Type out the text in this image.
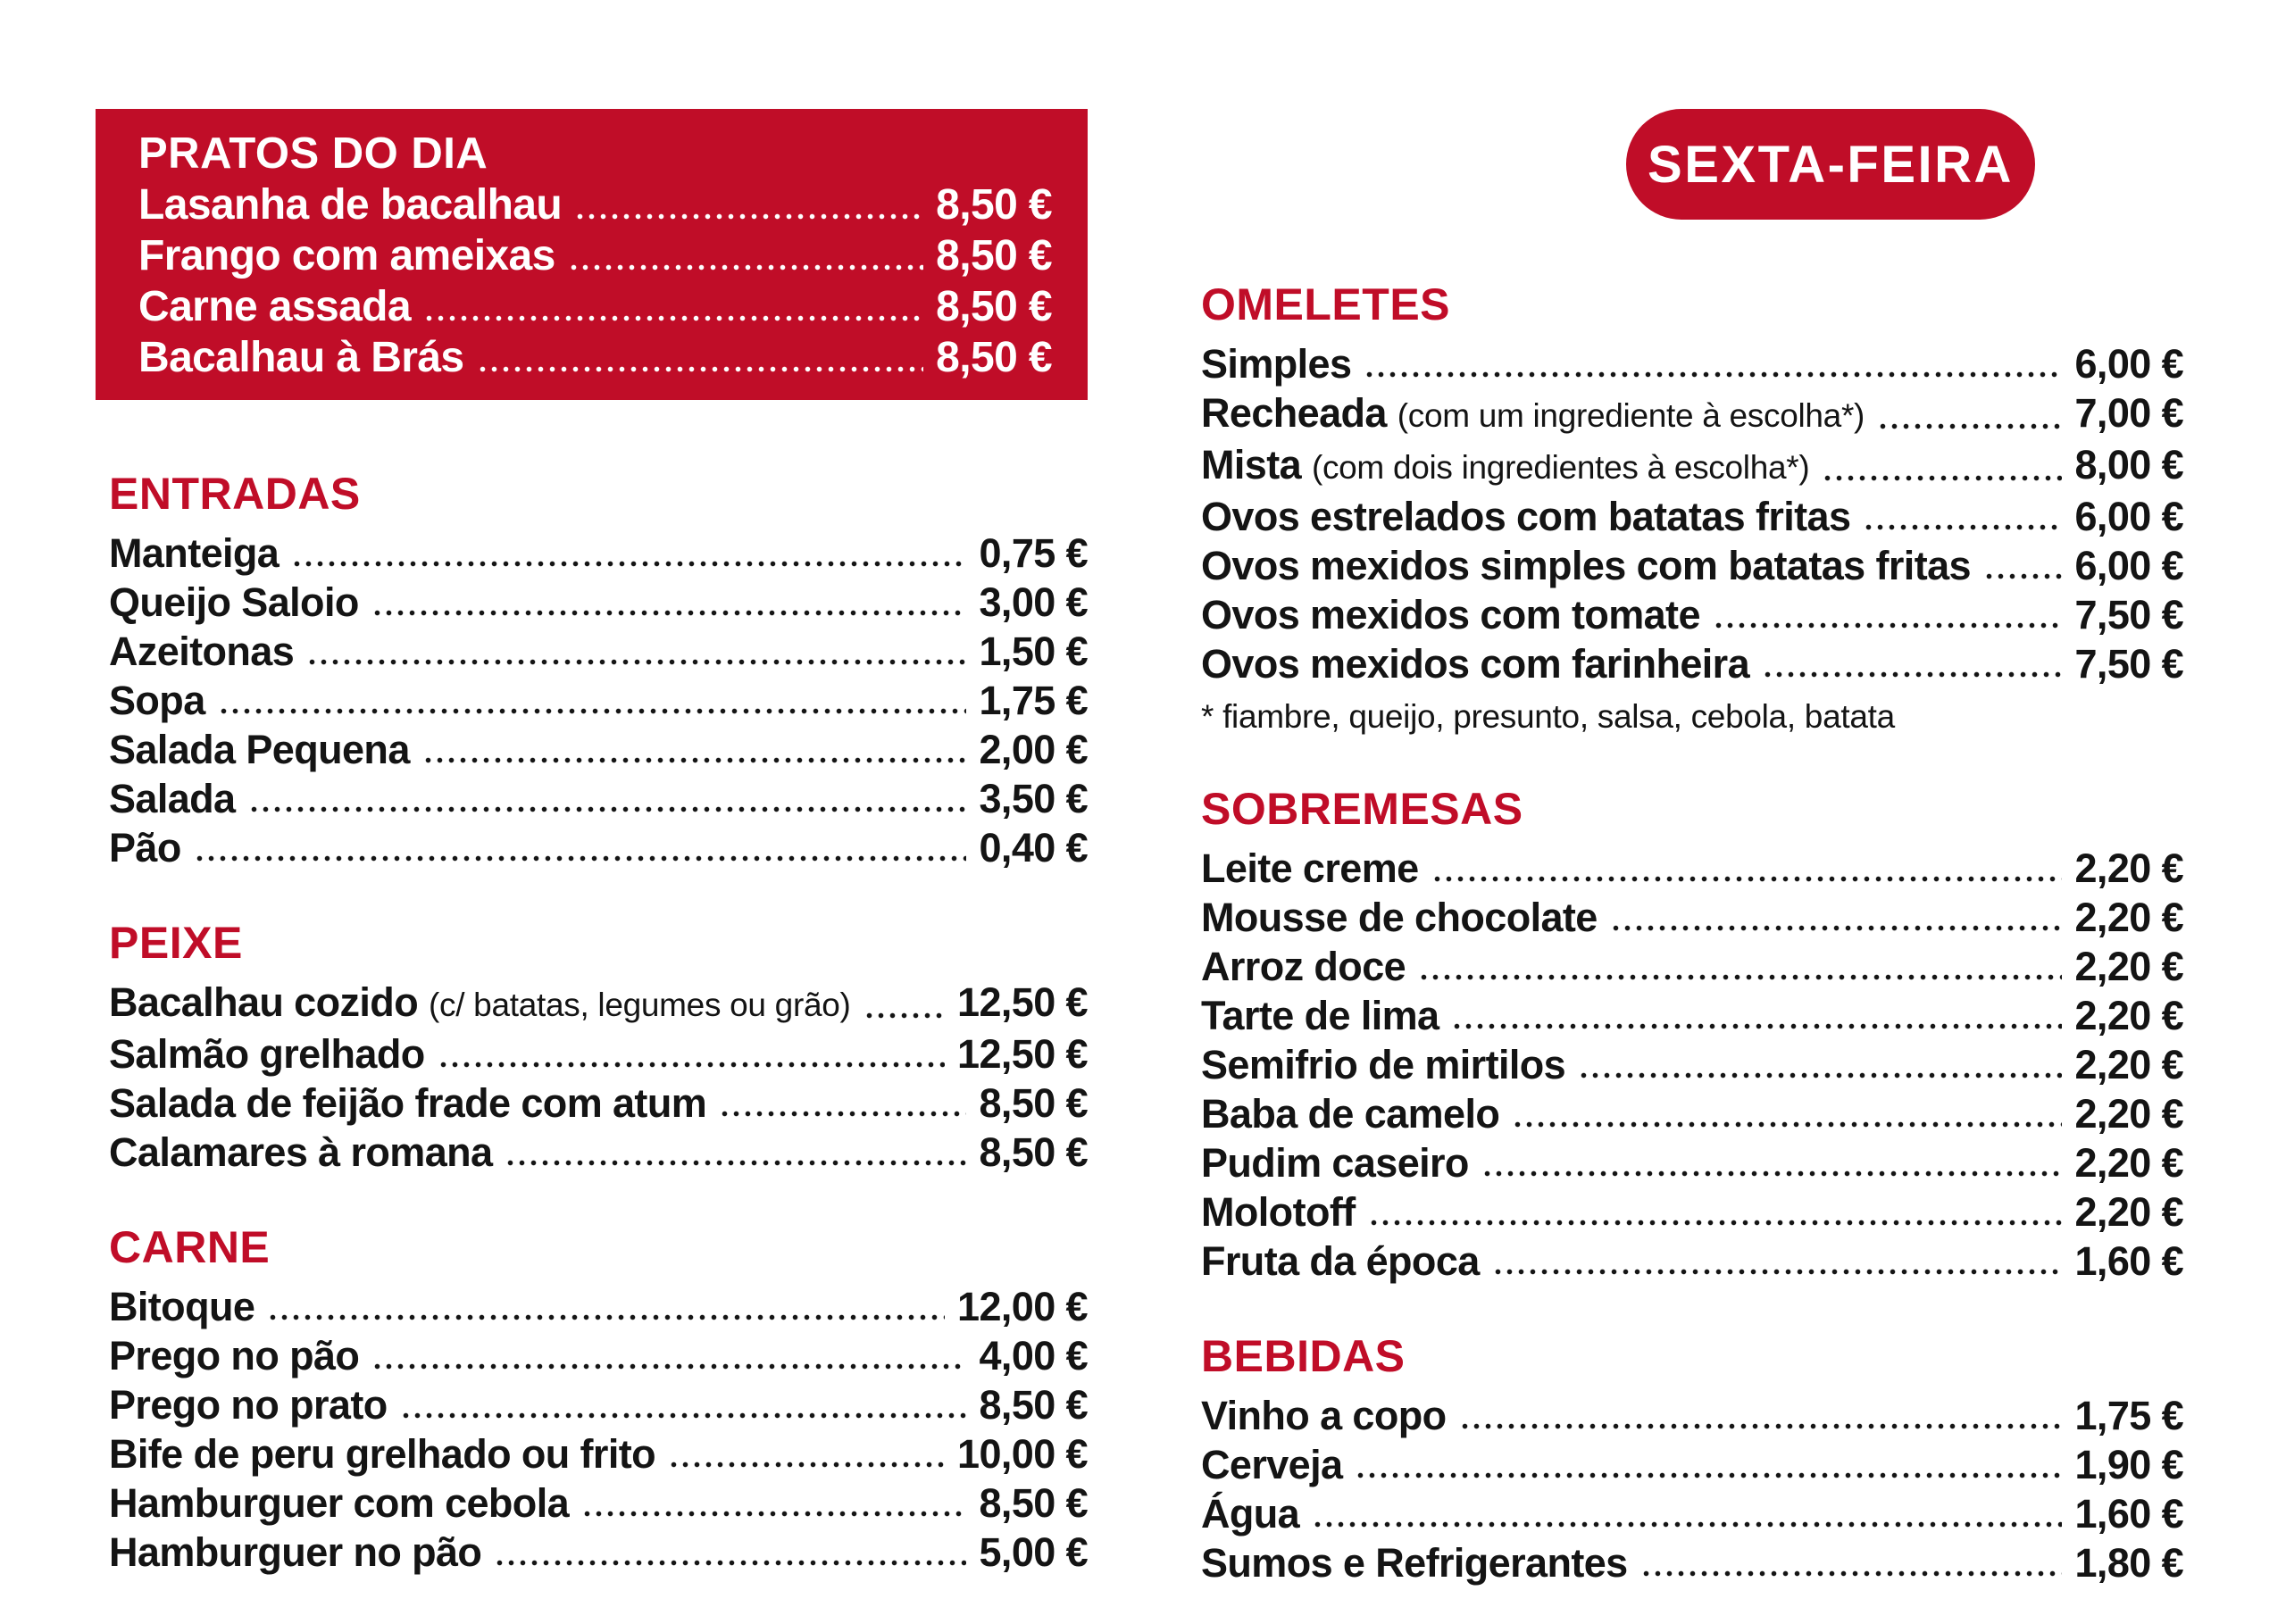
PRATOS DO DIA
Lasanha de bacalhau	8,50 €
Frango com ameixas	8,50 €
Carne assada	8,50 €
Bacalhau à Brás	8,50 €
SEXTA-FEIRA
ENTRADAS
Manteiga	0,75 €
Queijo Saloio	3,00 €
Azeitonas	1,50 €
Sopa	1,75 €
Salada Pequena	2,00 €
Salada	3,50 €
Pão	0,40 €
PEIXE
Bacalhau cozido (c/ batatas, legumes ou grão)	12,50 €
Salmão grelhado	12,50 €
Salada de feijão frade com atum	8,50 €
Calamares à romana	8,50 €
CARNE
Bitoque	12,00 €
Prego no pão	4,00 €
Prego no prato	8,50 €
Bife de peru grelhado ou frito	10,00 €
Hamburguer com cebola	8,50 €
Hamburguer no pão	5,00 €
OMELETES
Simples	6,00 €
Recheada (com um ingrediente à escolha*)	7,00 €
Mista (com dois ingredientes à escolha*)	8,00 €
Ovos estrelados com batatas fritas	6,00 €
Ovos mexidos simples com batatas fritas	6,00 €
Ovos mexidos com tomate	7,50 €
Ovos mexidos com farinheira	7,50 €
* fiambre, queijo, presunto, salsa, cebola, batata
SOBREMESAS
Leite creme	2,20 €
Mousse de chocolate	2,20 €
Arroz doce	2,20 €
Tarte de lima	2,20 €
Semifrio de mirtilos	2,20 €
Baba de camelo	2,20 €
Pudim caseiro	2,20 €
Molotoff	2,20 €
Fruta da época	1,60 €
BEBIDAS
Vinho a copo	1,75 €
Cerveja	1,90 €
Água	1,60 €
Sumos e Refrigerantes	1,80 €
